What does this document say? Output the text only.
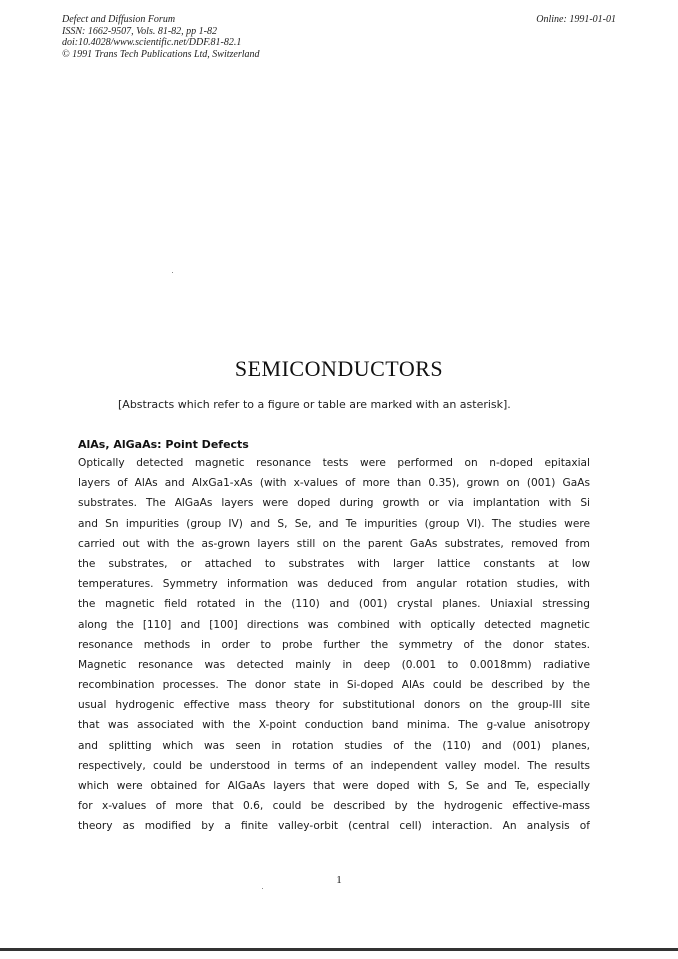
Defect and Diffusion Forum
ISSN: 1662-9507, Vols. 81-82, pp 1-82
doi:10.4028/www.scientific.net/DDF.81-82.1
© 1991 Trans Tech Publications Ltd, Switzerland
Online: 1991-01-01
SEMICONDUCTORS
[Abstracts which refer to a figure or table are marked with an asterisk].
AlAs, AlGaAs: Point Defects
Optically detected magnetic resonance tests were performed on n-doped epitaxial
layers of AlAs and AlxGa1-xAs (with x-values of more than 0.35), grown on (001) GaAs
substrates. The AlGaAs layers were doped during growth or via implantation with Si
and Sn impurities (group IV) and S, Se, and Te impurities (group VI). The studies were
carried out with the as-grown layers still on the parent GaAs substrates, removed from
the substrates, or attached to substrates with larger lattice constants at low
temperatures. Symmetry information was deduced from angular rotation studies, with
the magnetic field rotated in the (110) and (001) crystal planes. Uniaxial stressing
along the [110] and [100] directions was combined with optically detected magnetic
resonance methods in order to probe further the symmetry of the donor states.
Magnetic resonance was detected mainly in deep (0.001 to 0.0018mm) radiative
recombination processes. The donor state in Si-doped AlAs could be described by the
usual hydrogenic effective mass theory for substitutional donors on the group-III site
that was associated with the X-point conduction band minima. The g-value anisotropy
and splitting which was seen in rotation studies of the (110) and (001) planes,
respectively, could be understood in terms of an independent valley model. The results
which were obtained for AlGaAs layers that were doped with S, Se and Te, especially
for x-values of more that 0.6, could be described by the hydrogenic effective-mass
theory as modified by a finite valley-orbit (central cell) interaction. An analysis of
1
